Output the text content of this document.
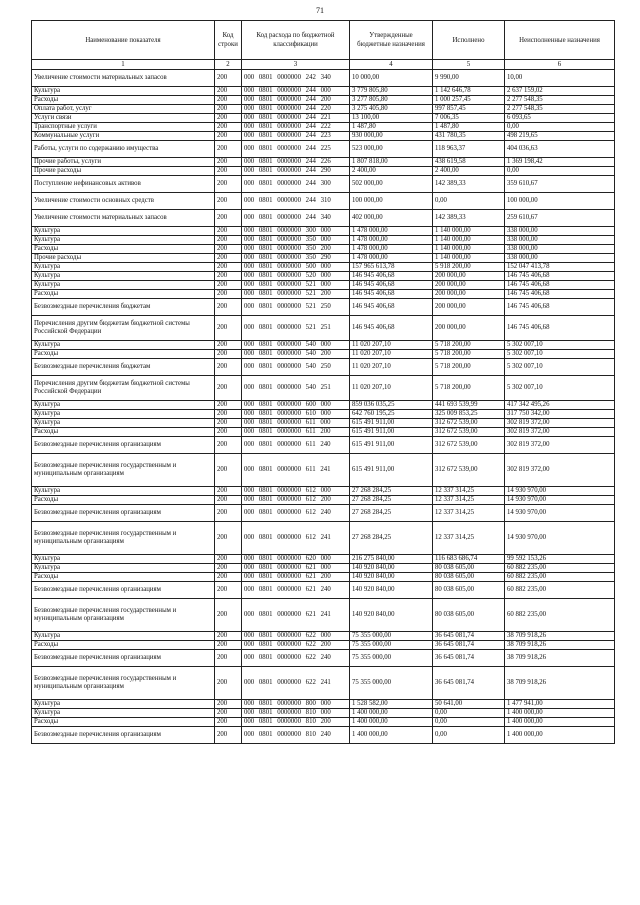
71
Наименование показателя	Код строки	Код расхода по бюджетной классификации	Утвержденные бюджетные назначения	Исполнено	Неисполненные назначения
1	2	3	4	5	6
Увеличение стоимости материальных запасов	200	000 0801 0000000 242 340	10 000,00	9 990,00	10,00
Культура	200	000 0801 0000000 244 000	3 779 805,80	1 142 646,78	2 637 159,02
Расходы	200	000 0801 0000000 244 200	3 277 805,80	1 000 257,45	2 277 548,35
Оплата работ, услуг	200	000 0801 0000000 244 220	3 275 405,80	997 857,45	2 277 548,35
Услуги связи	200	000 0801 0000000 244 221	13 100,00	7 006,35	6 093,65
Транспортные услуги	200	000 0801 0000000 244 222	1 487,80	1 487,80	0,00
Коммунальные услуги	200	000 0801 0000000 244 223	930 000,00	431 780,35	498 219,65
Работы, услуги по содержанию имущества	200	000 0801 0000000 244 225	523 000,00	118 963,37	404 036,63
Прочие работы, услуги	200	000 0801 0000000 244 226	1 807 818,00	438 619,58	1 369 198,42
Прочие расходы	200	000 0801 0000000 244 290	2 400,00	2 400,00	0,00
Поступление нефинансовых активов	200	000 0801 0000000 244 300	502 000,00	142 389,33	359 610,67
Увеличение стоимости основных средств	200	000 0801 0000000 244 310	100 000,00	0,00	100 000,00
Увеличение стоимости материальных запасов	200	000 0801 0000000 244 340	402 000,00	142 389,33	259 610,67
Культура	200	000 0801 0000000 300 000	1 478 000,00	1 140 000,00	338 000,00
Культура	200	000 0801 0000000 350 000	1 478 000,00	1 140 000,00	338 000,00
Расходы	200	000 0801 0000000 350 200	1 478 000,00	1 140 000,00	338 000,00
Прочие расходы	200	000 0801 0000000 350 290	1 478 000,00	1 140 000,00	338 000,00
Культура	200	000 0801 0000000 500 000	157 965 613,78	5 918 200,00	152 047 413,78
Культура	200	000 0801 0000000 520 000	146 945 406,68	200 000,00	146 745 406,68
Культура	200	000 0801 0000000 521 000	146 945 406,68	200 000,00	146 745 406,68
Расходы	200	000 0801 0000000 521 200	146 945 406,68	200 000,00	146 745 406,68
Безвозмездные перечисления бюджетам	200	000 0801 0000000 521 250	146 945 406,68	200 000,00	146 745 406,68
Перечисления другим бюджетам бюджетной системы Российской Федерации	200	000 0801 0000000 521 251	146 945 406,68	200 000,00	146 745 406,68
Культура	200	000 0801 0000000 540 000	11 020 207,10	5 718 200,00	5 302 007,10
Расходы	200	000 0801 0000000 540 200	11 020 207,10	5 718 200,00	5 302 007,10
Безвозмездные перечисления бюджетам	200	000 0801 0000000 540 250	11 020 207,10	5 718 200,00	5 302 007,10
Перечисления другим бюджетам бюджетной системы Российской Федерации	200	000 0801 0000000 540 251	11 020 207,10	5 718 200,00	5 302 007,10
Культура	200	000 0801 0000000 600 000	859 036 035,25	441 693 539,99	417 342 495,26
Культура	200	000 0801 0000000 610 000	642 760 195,25	325 009 853,25	317 750 342,00
Культура	200	000 0801 0000000 611 000	615 491 911,00	312 672 539,00	302 819 372,00
Расходы	200	000 0801 0000000 611 200	615 491 911,00	312 672 539,00	302 819 372,00
Безвозмездные перечисления организациям	200	000 0801 0000000 611 240	615 491 911,00	312 672 539,00	302 819 372,00
Безвозмездные перечисления государственным и муниципальным организациям	200	000 0801 0000000 611 241	615 491 911,00	312 672 539,00	302 819 372,00
Культура	200	000 0801 0000000 612 000	27 268 284,25	12 337 314,25	14 930 970,00
Расходы	200	000 0801 0000000 612 200	27 268 284,25	12 337 314,25	14 930 970,00
Безвозмездные перечисления организациям	200	000 0801 0000000 612 240	27 268 284,25	12 337 314,25	14 930 970,00
Безвозмездные перечисления государственным и муниципальным организациям	200	000 0801 0000000 612 241	27 268 284,25	12 337 314,25	14 930 970,00
Культура	200	000 0801 0000000 620 000	216 275 840,00	116 683 686,74	99 592 153,26
Культура	200	000 0801 0000000 621 000	140 920 840,00	80 038 605,00	60 882 235,00
Расходы	200	000 0801 0000000 621 200	140 920 840,00	80 038 605,00	60 882 235,00
Безвозмездные перечисления организациям	200	000 0801 0000000 621 240	140 920 840,00	80 038 605,00	60 882 235,00
Безвозмездные перечисления государственным и муниципальным организациям	200	000 0801 0000000 621 241	140 920 840,00	80 038 605,00	60 882 235,00
Культура	200	000 0801 0000000 622 000	75 355 000,00	36 645 081,74	38 709 918,26
Расходы	200	000 0801 0000000 622 200	75 355 000,00	36 645 081,74	38 709 918,26
Безвозмездные перечисления организациям	200	000 0801 0000000 622 240	75 355 000,00	36 645 081,74	38 709 918,26
Безвозмездные перечисления государственным и муниципальным организациям	200	000 0801 0000000 622 241	75 355 000,00	36 645 081,74	38 709 918,26
Культура	200	000 0801 0000000 800 000	1 528 582,00	50 641,00	1 477 941,00
Культура	200	000 0801 0000000 810 000	1 400 000,00	0,00	1 400 000,00
Расходы	200	000 0801 0000000 810 200	1 400 000,00	0,00	1 400 000,00
Безвозмездные перечисления организациям	200	000 0801 0000000 810 240	1 400 000,00	0,00	1 400 000,00
